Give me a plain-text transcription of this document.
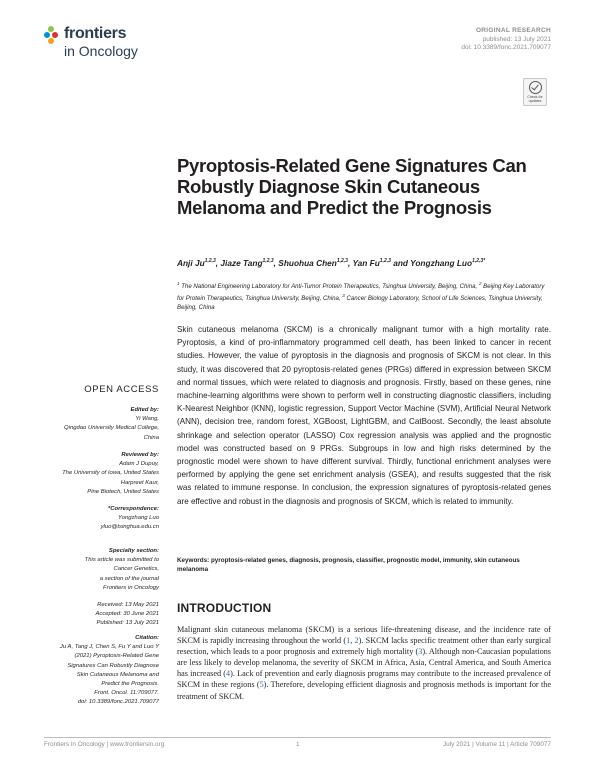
frontiers
in Oncology
ORIGINAL RESEARCH
published: 13 July 2021
doi: 10.3389/fonc.2021.709077
Check for updates
Pyroptosis-Related Gene Signatures Can Robustly Diagnose Skin Cutaneous Melanoma and Predict the Prognosis
Anji Ju$^{1,2,3}$, Jiaze Tang$^{1,2,3}$, Shuohua Chen$^{1,2,3}$, Yan Fu$^{1,2,3}$ and Yongzhang Luo$^{1,2,3*}$
$^1$ The National Engineering Laboratory for Anti-Tumor Protein Therapeutics, Tsinghua University, Beijing, China, $^2$ Beijing Key Laboratory for Protein Therapeutics, Tsinghua University, Beijing, China, $^3$ Cancer Biology Laboratory, School of Life Sciences, Tsinghua University, Beijing, China
Skin cutaneous melanoma (SKCM) is a chronically malignant tumor with a high mortality rate. Pyroptosis, a kind of pro-inflammatory programmed cell death, has been linked to cancer in recent studies. However, the value of pyroptosis in the diagnosis and prognosis of SKCM is not clear. In this study, it was discovered that 20 pyroptosis-related genes (PRGs) differed in expression between SKCM and normal tissues, which were related to diagnosis and prognosis. Firstly, based on these genes, nine machine-learning algorithms were shown to perform well in constructing diagnostic classifiers, including K-Nearest Neighbor (KNN), logistic regression, Support Vector Machine (SVM), Artificial Neural Network (ANN), decision tree, random forest, XGBoost, LightGBM, and CatBoost. Secondly, the least absolute shrinkage and selection operator (LASSO) Cox regression analysis was applied and the prognostic model was constructed based on 9 PRGs. Subgroups in low and high risks determined by the prognostic model were shown to have different survival. Thirdly, functional enrichment analyses were performed by applying the gene set enrichment analysis (GSEA), and results suggested that the risk was related to immune response. In conclusion, the expression signatures of pyroptosis-related genes are effective and robust in the diagnosis and prognosis of SKCM, which is related to immunity.
Keywords: pyroptosis-related genes, diagnosis, prognosis, classifier, prognostic model, immunity, skin cutaneous melanoma
OPEN ACCESS
Edited by:
Yi Wang,
Qingdao University Medical College,
China
Reviewed by:
Adam J Dupuy,
The University of Iowa, United States
Harpreet Kaur,
Pine Biotech, United States
*Correspondence:
Yongzhang Luo
yluo@tsinghua.edu.cn
Specialty section:
This article was submitted to
Cancer Genetics,
a section of the journal
Frontiers in Oncology
Received: 13 May 2021
Accepted: 30 June 2021
Published: 13 July 2021
Citation:
Ju A, Tang J, Chen S, Fu Y and Luo Y
(2021) Pyroptosis-Related Gene
Signatures Can Robustly Diagnose
Skin Cutaneous Melanoma and
Predict the Prognosis.
Front. Oncol. 11:709077.
doi: 10.3389/fonc.2021.709077
INTRODUCTION
Malignant skin cutaneous melanoma (SKCM) is a serious life-threatening disease, and the incidence rate of SKCM is rapidly increasing throughout the world (1, 2). SKCM lacks specific treatment other than early surgical resection, which leads to a poor prognosis and extremely high mortality (3). Although non-Caucasian populations are less likely to develop melanoma, the severity of SKCM in Africa, Asia, Central America, and South America has increased (4). Lack of prevention and early diagnosis programs may contribute to the increased prevalence of SKCM in these regions (5). Therefore, developing efficient diagnosis and prognosis methods is important for the treatment of SKCM.
Frontiers in Oncology | www.frontiersin.org	1	July 2021 | Volume 11 | Article 709077
